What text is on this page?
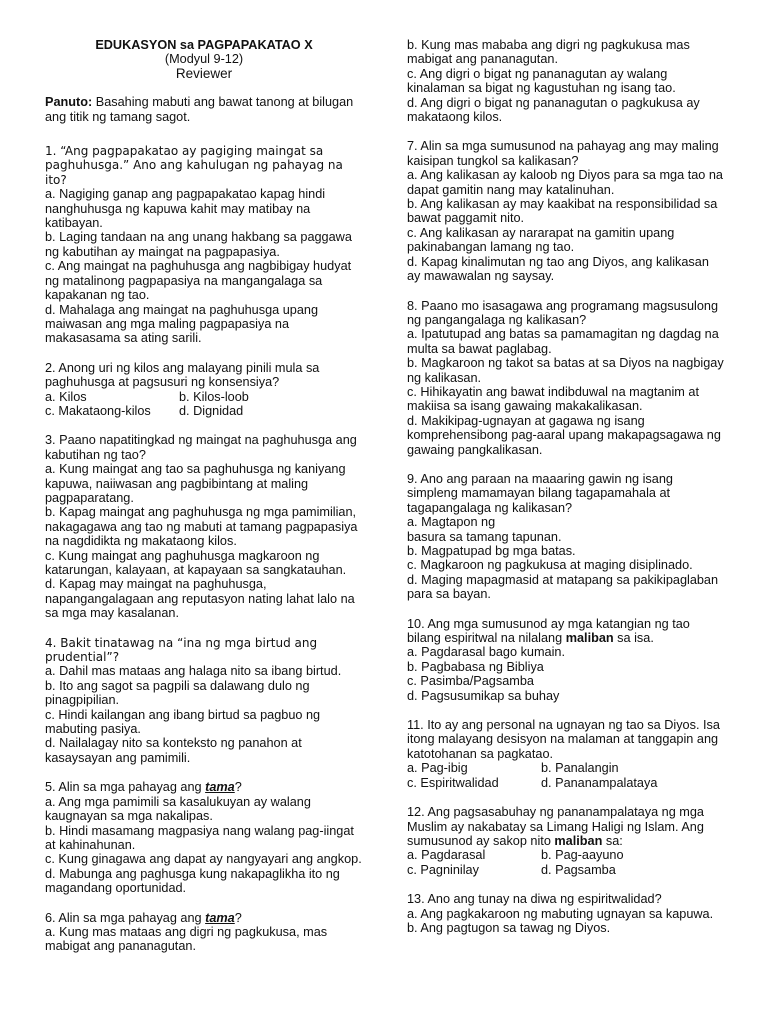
EDUKASYON sa PAGPAPAKATAO X
(Modyul 9-12)
Reviewer
Panuto: Basahing mabuti ang bawat tanong at bilugan ang titik ng tamang sagot.

1. “Ang pagpapakatao ay pagiging maingat sa paghuhusga.” Ano ang kahulugan ng pahayag na ito?

a. Nagiging ganap ang pagpapakatao kapag hindi nanghuhusga ng kapuwa kahit may matibay na katibayan.

b. Laging tandaan na ang unang hakbang sa paggawa ng kabutihan ay maingat na pagpapasiya.

c. Ang maingat na paghuhusga ang nagbibigay hudyat ng matalinong pagpapasiya na mangangalaga sa kapakanan ng tao.

d. Mahalaga ang maingat na paghuhusga upang maiwasan ang mga maling pagpapasiya na makasasama sa ating sarili.

2. Anong uri ng kilos ang malayang pinili mula sa paghuhusga at pagsusuri ng konsensiya?

a. Kilos	b. Kilos-loob
c. Makataong-kilos	d. Dignidad

3. Paano napatitingkad ng maingat na paghuhusga ang kabutihan ng tao?

a. Kung maingat ang tao sa paghuhusga ng kaniyang kapuwa, naiiwasan ang pagbibintang at maling pagpaparatang.

b. Kapag maingat ang paghuhusga ng mga pamimilian, nakagagawa ang tao ng mabuti at tamang pagpapasiya na nagdidikta ng makataong kilos.

c. Kung maingat ang paghuhusga magkaroon ng katarungan, kalayaan, at kapayaan sa sangkatauhan.

d. Kapag may maingat na paghuhusga, napangangalagaan ang reputasyon nating lahat lalo na sa mga may kasalanan.

4. Bakit tinatawag na “ina ng mga birtud ang prudential”?

a. Dahil mas mataas ang halaga nito sa ibang birtud.

b. Ito ang sagot sa pagpili sa dalawang dulo ng pinagpipilian.

c. Hindi kailangan ang ibang birtud sa pagbuo ng mabuting pasiya.

d. Nailalagay nito sa konteksto ng panahon at kasaysayan ang pamimili.

5. Alin sa mga pahayag ang tama?

a. Ang mga pamimili sa kasalukuyan ay walang kaugnayan sa mga nakalipas.

b. Hindi masamang magpasiya nang walang pag-iingat at kahinahunan.

c. Kung ginagawa ang dapat ay nangyayari ang angkop.

d. Mabunga ang paghusga kung nakapaglikha ito ng magandang oportunidad.

6. Alin sa mga pahayag ang tama?

a. Kung mas mataas ang digri ng pagkukusa, mas mabigat ang pananagutan.

b. Kung mas mababa ang digri ng pagkukusa mas mabigat ang pananagutan.

c. Ang digri o bigat ng pananagutan ay walang kinalaman sa bigat ng kagustuhan ng isang tao.

d. Ang digri o bigat ng pananagutan o pagkukusa ay makataong kilos.

7. Alin sa mga sumusunod na pahayag ang may maling kaisipan tungkol sa kalikasan?

a. Ang kalikasan ay kaloob ng Diyos para sa mga tao na dapat gamitin nang may katalinuhan.

b. Ang kalikasan ay may kaakibat na responsibilidad sa bawat paggamit nito.

c. Ang kalikasan ay nararapat na gamitin upang pakinabangan lamang ng tao.

d. Kapag kinalimutan ng tao ang Diyos, ang kalikasan ay mawawalan ng saysay.

8. Paano mo isasagawa ang programang magsusulong ng pangangalaga ng kalikasan?

a. Ipatutupad ang batas sa pamamagitan ng dagdag na multa sa bawat paglabag.

b. Magkaroon ng takot sa batas at sa Diyos na nagbigay ng kalikasan.

c. Hihikayatin ang bawat indibduwal na magtanim at makiisa sa isang gawaing makakalikasan.

d. Makikipag-ugnayan at gagawa ng isang komprehensibong pag-aaral upang makapagsagawa ng gawaing pangkalikasan.

9. Ano ang paraan na maaaring gawin ng isang simpleng mamamayan bilang tagapamahala at tagapangalaga ng kalikasan?

a. Magtapon ng

basura sa tamang tapunan.

b. Magpatupad bg mga batas.

c. Magkaroon ng pagkukusa at maging disiplinado.

d. Maging mapagmasid at matapang sa pakikipaglaban para sa bayan.

10. Ang mga sumusunod ay mga katangian ng tao bilang espiritwal na nilalang maliban sa isa.

a. Pagdarasal bago kumain.

b. Pagbabasa ng Bibliya

c. Pasimba/Pagsamba

d. Pagsusumikap sa buhay

11. Ito ay ang personal na ugnayan ng tao sa Diyos. Isa itong malayang desisyon na malaman at tanggapin ang katotohanan sa pagkatao.

a. Pag-ibig	b. Panalangin
c. Espiritwalidad	d. Pananampalataya

12. Ang pagsasabuhay ng pananampalataya ng mga Muslim ay nakabatay sa Limang Haligi ng Islam. Ang sumusunod ay sakop nito maliban sa:

a. Pagdarasal	b. Pag-aayuno
c. Pagninilay	d. Pagsamba

13. Ano ang tunay na diwa ng espiritwalidad?

a. Ang pagkakaroon ng mabuting ugnayan sa kapuwa.

b. Ang pagtugon sa tawag ng Diyos.
